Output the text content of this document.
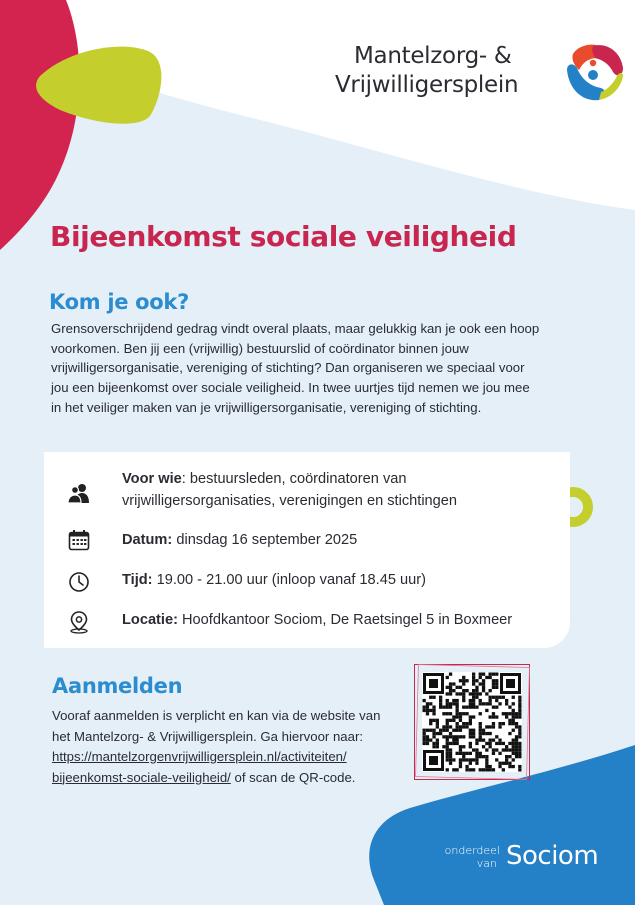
Mantelzorg- &
Vrijwilligersplein
Bijeenkomst sociale veiligheid
Kom je ook?

Grensoverschrijdend gedrag vindt overal plaats, maar gelukkig kan je ook een hoop voorkomen. Ben jij een (vrijwillig) bestuurslid of coördinator binnen jouw vrijwilligersorganisatie, vereniging of stichting? Dan organiseren we speciaal voor jou een bijeenkomst over sociale veiligheid. In twee uurtjes tijd nemen we jou mee in het veiliger maken van je vrijwilligersorganisatie, vereniging of stichting.

Voor wie: bestuursleden, coördinatoren van vrijwilligersorganisaties, verenigingen en stichtingen
Datum: dinsdag 16 september 2025
Tijd: 19.00 - 21.00 uur (inloop vanaf 18.45 uur)
Locatie: Hoofdkantoor Sociom, De Raetsingel 5 in Boxmeer
Aanmelden

Vooraf aanmelden is verplicht en kan via de website van het Mantelzorg- & Vrijwilligersplein. Ga hiervoor naar: https://mantelzorgenvrijwilligersplein.nl/activiteiten/
bijeenkomst-sociale-veiligheid/ of scan de QR-code.

onderdeel
van Sociom
